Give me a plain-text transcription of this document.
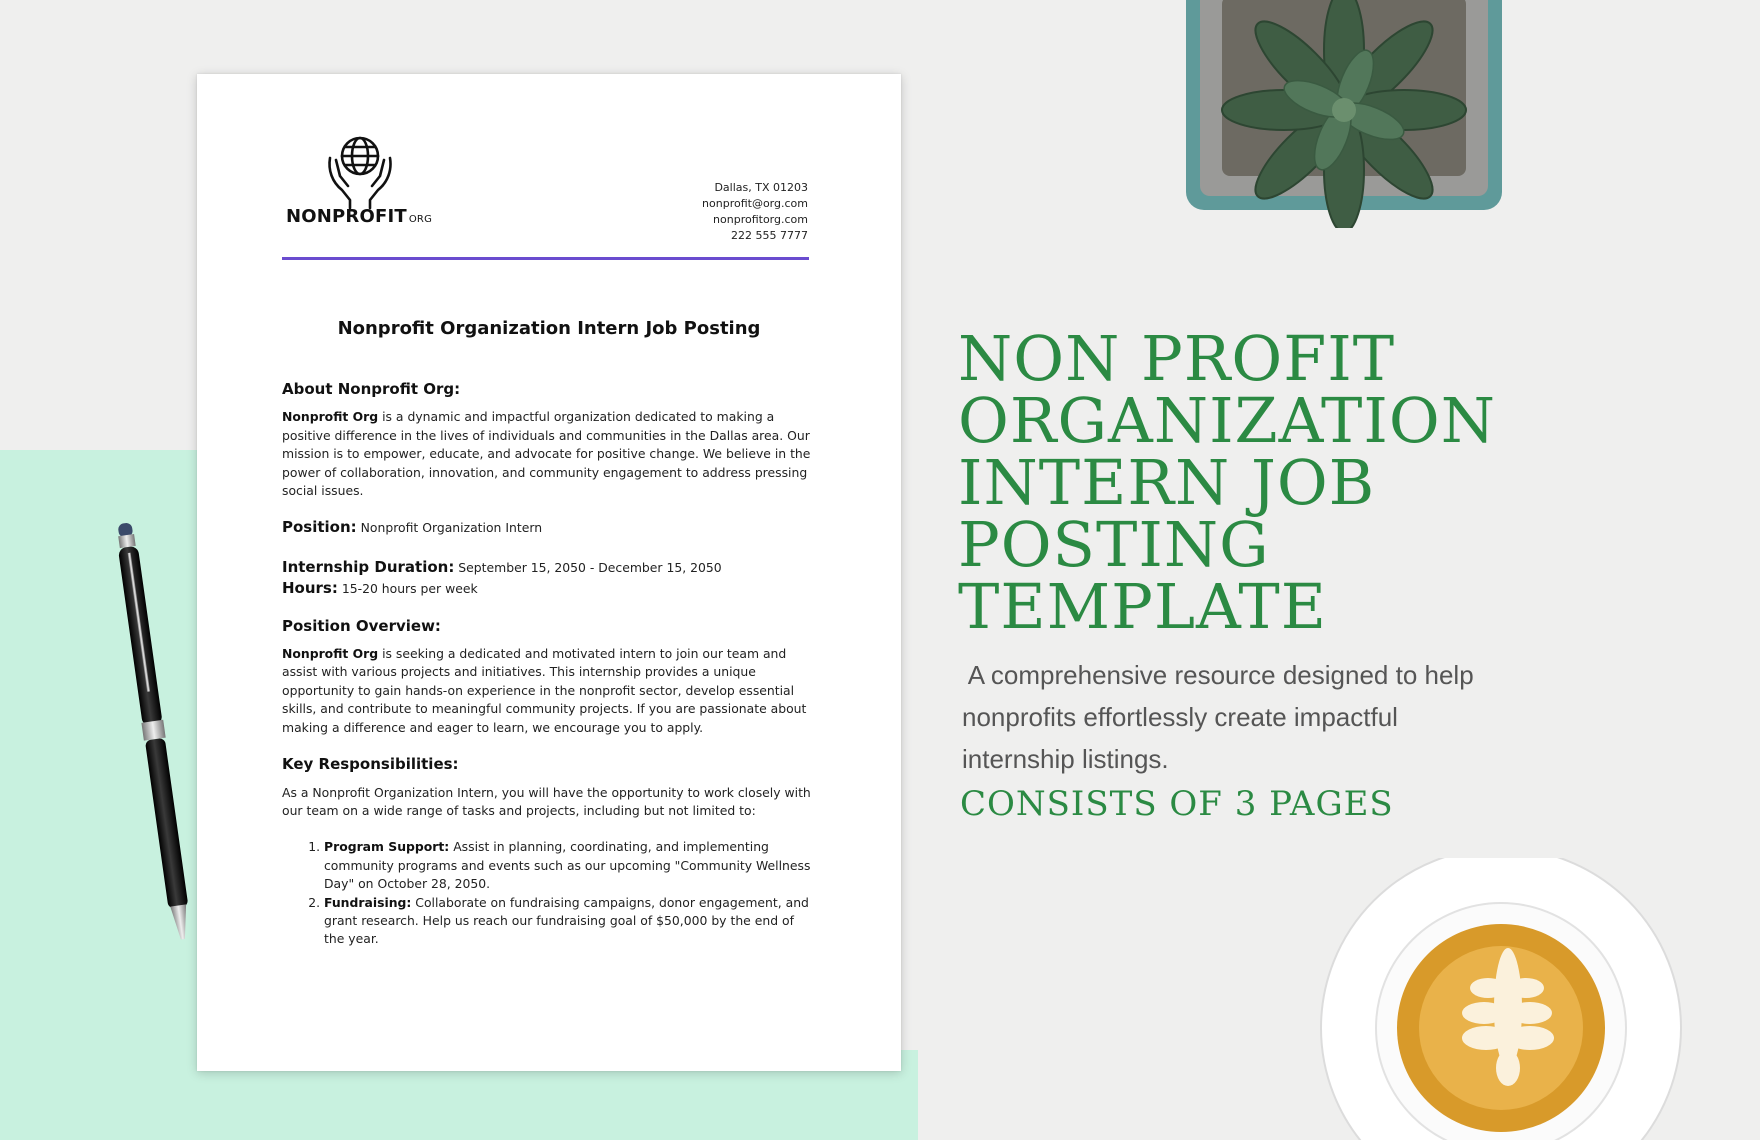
NONPROFIT ORG
Dallas, TX 01203
nonprofit@org.com
nonprofitorg.com
222 555 7777
Nonprofit Organization Intern Job Posting
About Nonprofit Org:

Nonprofit Org is a dynamic and impactful organization dedicated to making a positive difference in the lives of individuals and communities in the Dallas area. Our mission is to empower, educate, and advocate for positive change. We believe in the power of collaboration, innovation, and community engagement to address pressing social issues.

Position: Nonprofit Organization Intern

Internship Duration: September 15, 2050 - December 15, 2050

Hours: 15-20 hours per week

Position Overview:

Nonprofit Org is seeking a dedicated and motivated intern to join our team and assist with various projects and initiatives. This internship provides a unique opportunity to gain hands-on experience in the nonprofit sector, develop essential skills, and contribute to meaningful community projects. If you are passionate about making a difference and eager to learn, we encourage you to apply.

Key Responsibilities:

As a Nonprofit Organization Intern, you will have the opportunity to work closely with our team on a wide range of tasks and projects, including but not limited to:

1. Program Support: Assist in planning, coordinating, and implementing community programs and events such as our upcoming "Community Wellness Day" on October 28, 2050.
2. Fundraising: Collaborate on fundraising campaigns, donor engagement, and grant research. Help us reach our fundraising goal of $50,000 by the end of the year.
NON PROFIT
ORGANIZATION
INTERN JOB
POSTING
TEMPLATE
A comprehensive resource designed to help
nonprofits effortlessly create impactful
internship listings.
CONSISTS OF 3 PAGES
